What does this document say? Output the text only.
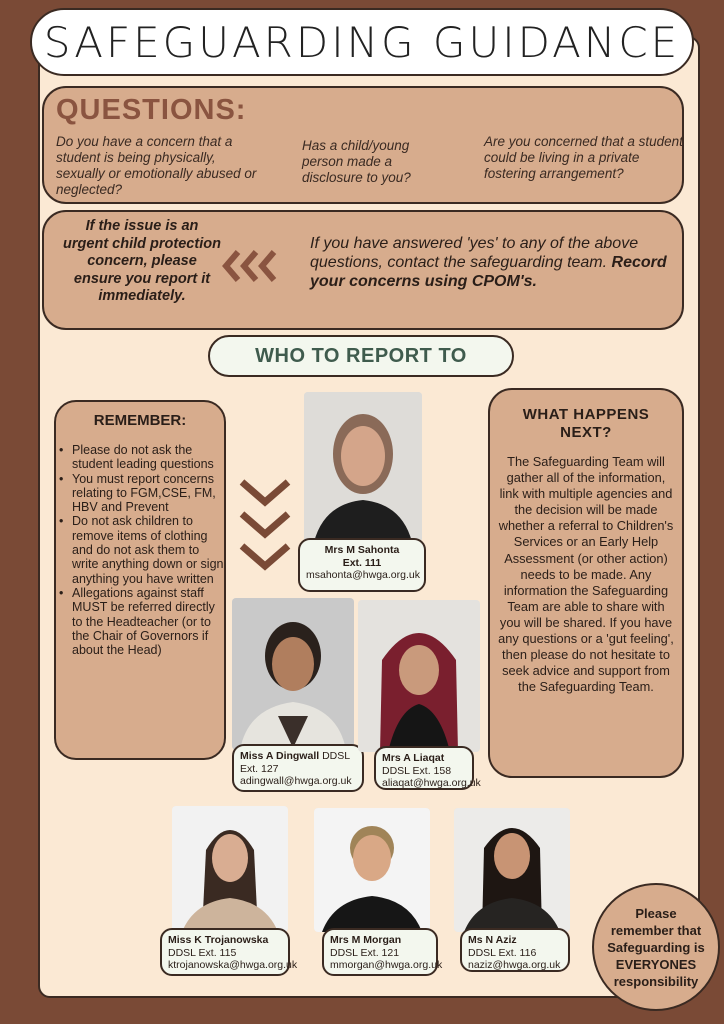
SAFEGUARDING GUIDANCE
QUESTIONS:
Do you have a concern that a student is being physically, sexually or emotionally abused or neglected?
Has a child/young person made a disclosure to you?
Are you concerned that a student could be living in a private fostering arrangement?
If the issue is an urgent child protection concern, please ensure you report it immediately.
If you have answered 'yes' to any of the above questions, contact the safeguarding team. Record your concerns using CPOM's.
WHO TO REPORT TO
REMEMBER:
• Please do not ask the student leading questions
• You must report concerns relating to FGM,CSE, FM, HBV and Prevent
• Do not ask children to remove items of clothing and do not ask them to write anything down or sign anything you have written
• Allegations against staff MUST be referred directly to the Headteacher (or to the Chair of Governors if about the Head)
WHAT HAPPENS NEXT?

The Safeguarding Team will gather all of the information, link with multiple agencies and the decision will be made whether a referral to Children's Services or an Early Help Assessment (or other action) needs to be made. Any information the Safeguarding Team are able to share with you will be shared. If you have any questions or a 'gut feeling', then please do not hesitate to seek advice and support from the Safeguarding Team.

Mrs M Sahonta
Ext. 111
msahonta@hwga.org.uk
Miss A Dingwall DDSL
Ext. 127
adingwall@hwga.org.uk
Mrs A Liaqat
DDSL Ext. 158
aliaqat@hwga.org.uk
Miss K Trojanowska
DDSL Ext. 115
ktrojanowska@hwga.org.uk
Mrs M Morgan
DDSL Ext. 121
mmorgan@hwga.org.uk
Ms N Aziz
DDSL Ext. 116
naziz@hwga.org.uk
Please remember that Safeguarding is EVERYONES responsibility
